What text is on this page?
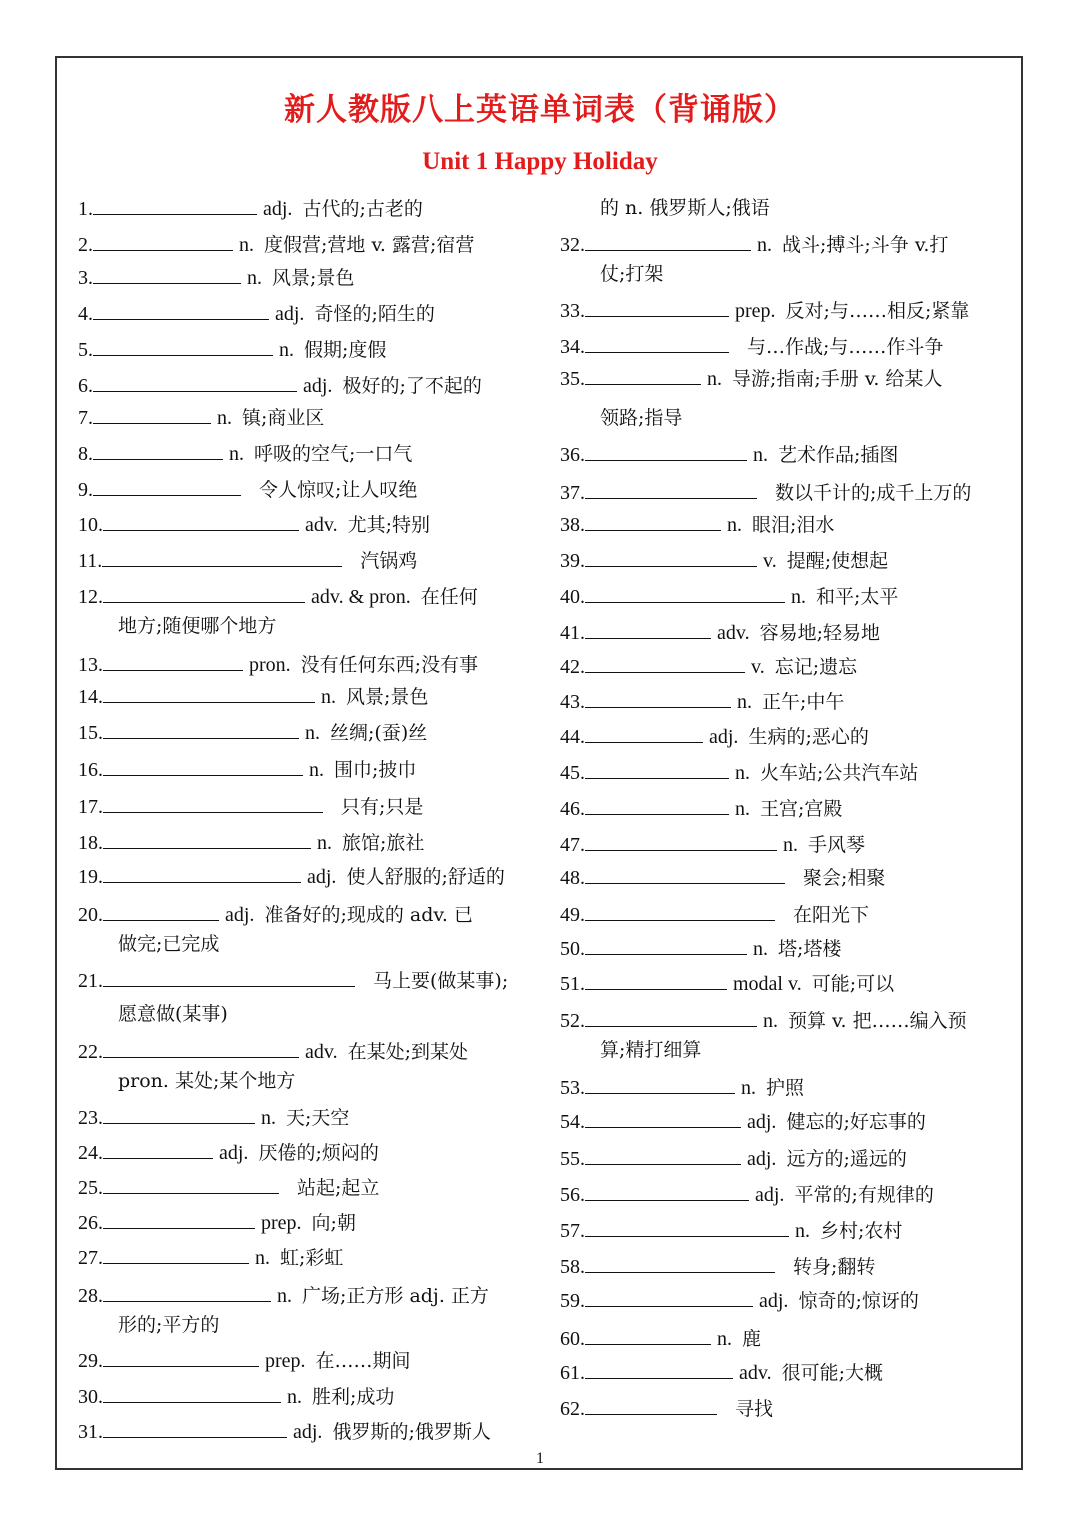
新人教版八上英语单词表（背诵版）
Unit 1 Happy Holiday
1.	adj. 古代的;古老的
2.	n. 度假营;营地 v. 露营;宿营
3.	n. 风景;景色
4.	adj. 奇怪的;陌生的
5.	n. 假期;度假
6.	adj. 极好的;了不起的
7.	n. 镇;商业区
8.	n. 呼吸的空气;一口气
9.	令人惊叹;让人叹绝
10.	adv. 尤其;特别
11.	汽锅鸡
12.	adv. & pron. 在任何
地方;随便哪个地方
13.	pron. 没有任何东西;没有事
14.	n. 风景;景色
15.	n. 丝绸;(蚕)丝
16.	n. 围巾;披巾
17.	只有;只是
18.	n. 旅馆;旅社
19.	adj. 使人舒服的;舒适的
20.	adj. 准备好的;现成的 adv. 已
做完;已完成
21.	马上要(做某事);
愿意做(某事)
22.	adv. 在某处;到某处
pron. 某处;某个地方
23.	n. 天;天空
24.	adj. 厌倦的;烦闷的
25.	站起;起立
26.	prep. 向;朝
27.	n. 虹;彩虹
28.	n. 广场;正方形 adj. 正方
形的;平方的
29.	prep. 在……期间
30.	n. 胜利;成功
31.	adj. 俄罗斯的;俄罗斯人
的 n. 俄罗斯人;俄语
32.	n. 战斗;搏斗;斗争 v.打
仗;打架
33.	prep. 反对;与……相反;紧靠
34.	与…作战;与……作斗争
35.	n. 导游;指南;手册 v. 给某人
领路;指导
36.	n. 艺术作品;插图
37.	数以千计的;成千上万的
38.	n. 眼泪;泪水
39.	v. 提醒;使想起
40.	n. 和平;太平
41.	adv. 容易地;轻易地
42.	v. 忘记;遗忘
43.	n. 正午;中午
44.	adj. 生病的;恶心的
45.	n. 火车站;公共汽车站
46.	n. 王宫;宫殿
47.	n. 手风琴
48.	聚会;相聚
49.	在阳光下
50.	n. 塔;塔楼
51.	modal v. 可能;可以
52.	n. 预算 v. 把……编入预
算;精打细算
53.	n. 护照
54.	adj. 健忘的;好忘事的
55.	adj. 远方的;遥远的
56.	adj. 平常的;有规律的
57.	n. 乡村;农村
58.	转身;翻转
59.	adj. 惊奇的;惊讶的
60.	n. 鹿
61.	adv. 很可能;大概
62.	寻找
1
